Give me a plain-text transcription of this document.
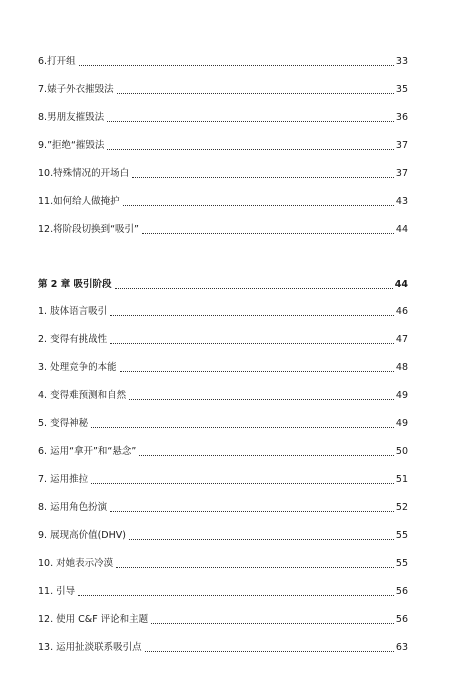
6.打开组	33
7.婊子外衣摧毁法	35
8.男朋友摧毁法	36
9.”拒绝“摧毁法	37
10.特殊情况的开场白	37
11.如何给人做掩护	43
12.将阶段切换到“吸引”	44
第 2 章 吸引阶段	44
1. 肢体语言吸引	46
2. 变得有挑战性	47
3. 处理竞争的本能	48
4. 变得难预测和自然	49
5. 变得神秘	49
6. 运用“拿开”和“悬念”	50
7. 运用推拉	51
8. 运用角色扮演	52
9. 展现高价值(DHV)	55
10. 对她表示冷漠	55
11. 引导	56
12. 使用 C&F 评论和主题	56
13. 运用扯淡联系吸引点	63
